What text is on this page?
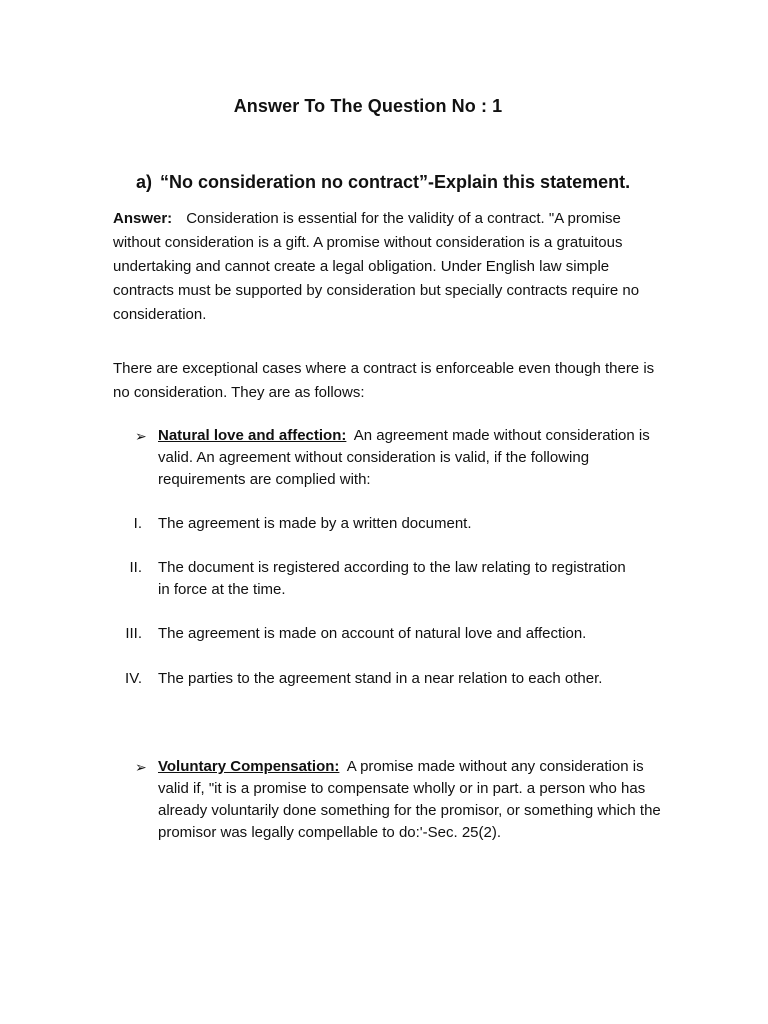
Answer To The Question No : 1
a) “No consideration no contract”-Explain this statement.
Answer: Consideration is essential for the validity of a contract. "A promise without consideration is a gift. A promise without consideration is a gratuitous undertaking and cannot create a legal obligation. Under English law simple contracts must be supported by consideration but specially contracts require no consideration.
There are exceptional cases where a contract is enforceable even though there is no consideration. They are as follows:
➢ Natural love and affection: An agreement made without consideration is valid. An agreement without consideration is valid, if the following requirements are complied with:
I. The agreement is made by a written document.
II. The document is registered according to the law relating to registration in force at the time.
III. The agreement is made on account of natural love and affection.
IV. The parties to the agreement stand in a near relation to each other.
➢ Voluntary Compensation: A promise made without any consideration is valid if, "it is a promise to compensate wholly or in part. a person who has already voluntarily done something for the promisor, or something which the promisor was legally compellable to do:'-Sec. 25(2).
